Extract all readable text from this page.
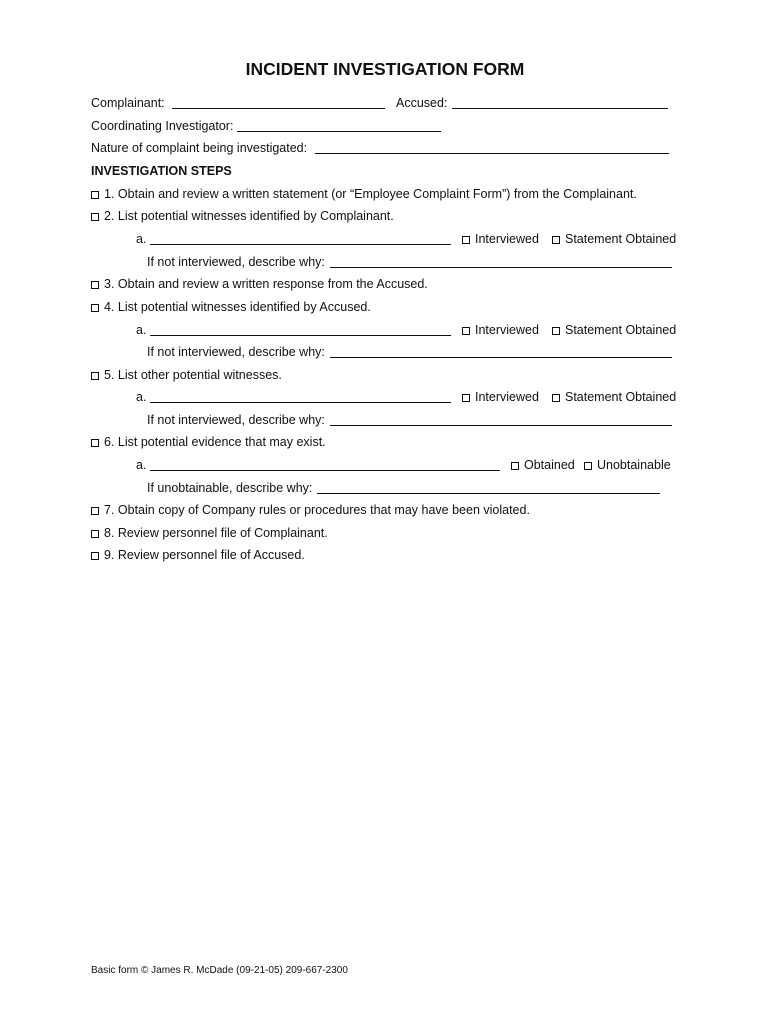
INCIDENT INVESTIGATION FORM
Complainant:	Accused:
Coordinating Investigator:
Nature of complaint being investigated:
INVESTIGATION STEPS
1. Obtain and review a written statement (or “Employee Complaint Form”) from the Complainant.
2. List potential witnesses identified by Complainant.
a.	Interviewed	Statement Obtained
If not interviewed, describe why:
3. Obtain and review a written response from the Accused.
4. List potential witnesses identified by Accused.
a.	Interviewed	Statement Obtained
If not interviewed, describe why:
5. List other potential witnesses.
a.	Interviewed	Statement Obtained
If not interviewed, describe why:
6. List potential evidence that may exist.
a.	Obtained	Unobtainable
If unobtainable, describe why:
7. Obtain copy of Company rules or procedures that may have been violated.
8. Review personnel file of Complainant.
9. Review personnel file of Accused.
Basic form © James R. McDade (09-21-05) 209-667-2300
